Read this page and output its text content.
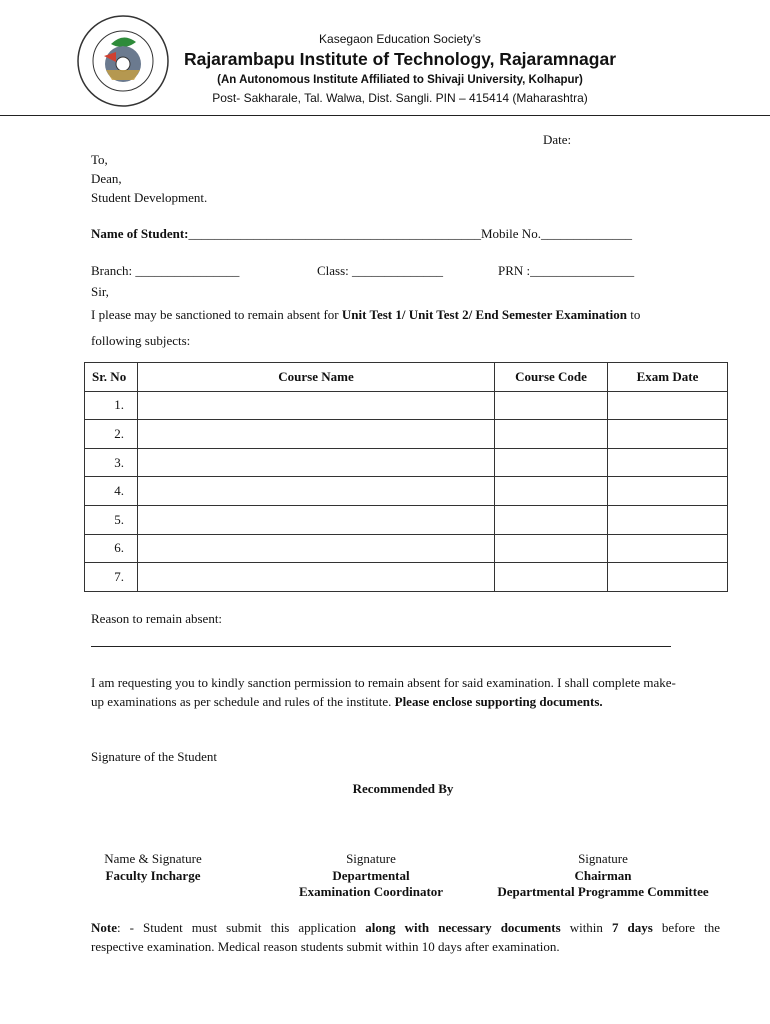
Kasegaon Education Society’s
Rajarambapu Institute of Technology, Rajaramnagar
(An Autonomous Institute Affiliated to Shivaji University, Kolhapur)
Post- Sakharale, Tal. Walwa, Dist. Sangli. PIN – 415414 (Maharashtra)
Date:
To,
Dean,
Student Development.
Name of Student:_____________________________________________Mobile No.______________
Branch: ________________	Class: ______________	PRN :________________
Sir,
I please may be sanctioned to remain absent for Unit Test 1/ Unit Test 2/ End Semester Examination to
following subjects:
Sr. No	Course Name	Course Code	Exam Date
1.			
2.			
3.			
4.			
5.			
6.			
7.			
Reason to remain absent:
I am requesting you to kindly sanction permission to remain absent for said examination. I shall complete make-
up examinations as per schedule and rules of the institute. Please enclose supporting documents.
Signature of the Student
Recommended By
Name & Signature
Faculty Incharge
Signature
Departmental
Examination Coordinator
Signature
Chairman
Departmental Programme Committee
Note: - Student must submit this application along with necessary documents within 7 days before the
respective examination. Medical reason students submit within 10 days after examination.
